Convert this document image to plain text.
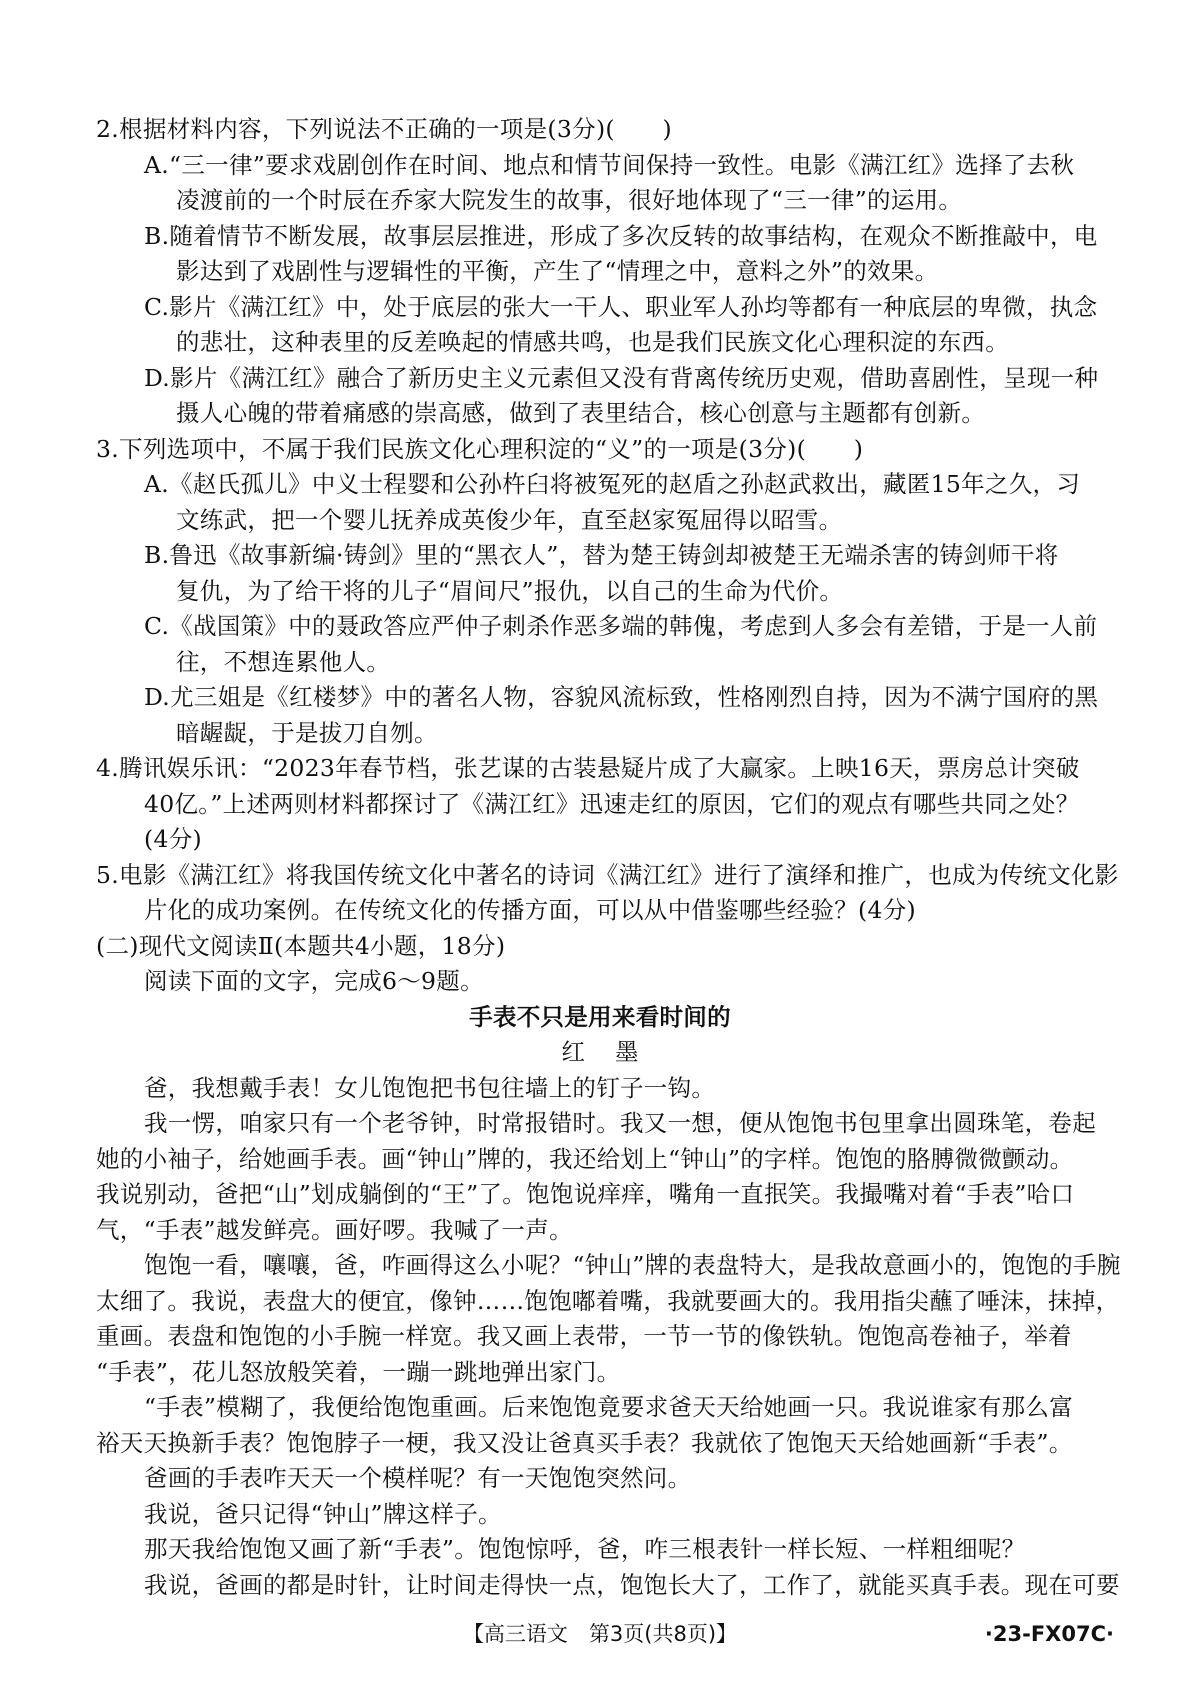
2.根据材料内容，下列说法不正确的一项是(3分)(　　)
A.“三一律”要求戏剧创作在时间、地点和情节间保持一致性。电影《满江红》选择了去秋
凌渡前的一个时辰在乔家大院发生的故事，很好地体现了“三一律”的运用。
B.随着情节不断发展，故事层层推进，形成了多次反转的故事结构，在观众不断推敲中，电
影达到了戏剧性与逻辑性的平衡，产生了“情理之中，意料之外”的效果。
C.影片《满江红》中，处于底层的张大一干人、职业军人孙均等都有一种底层的卑微，执念
的悲壮，这种表里的反差唤起的情感共鸣，也是我们民族文化心理积淀的东西。
D.影片《满江红》融合了新历史主义元素但又没有背离传统历史观，借助喜剧性，呈现一种
摄人心魄的带着痛感的崇高感，做到了表里结合，核心创意与主题都有创新。
3.下列选项中，不属于我们民族文化心理积淀的“义”的一项是(3分)(　　)
A.《赵氏孤儿》中义士程婴和公孙杵臼将被冤死的赵盾之孙赵武救出，藏匿15年之久，习
文练武，把一个婴儿抚养成英俊少年，直至赵家冤屈得以昭雪。
B.鲁迅《故事新编·铸剑》里的“黑衣人”，替为楚王铸剑却被楚王无端杀害的铸剑师干将
复仇，为了给干将的儿子“眉间尺”报仇，以自己的生命为代价。
C.《战国策》中的聂政答应严仲子刺杀作恶多端的韩傀，考虑到人多会有差错，于是一人前
往，不想连累他人。
D.尤三姐是《红楼梦》中的著名人物，容貌风流标致，性格刚烈自持，因为不满宁国府的黑
暗龌龊，于是拔刀自刎。
4.腾讯娱乐讯：“2023年春节档，张艺谋的古装悬疑片成了大赢家。上映16天，票房总计突破
40亿。”上述两则材料都探讨了《满江红》迅速走红的原因，它们的观点有哪些共同之处？
(4分)
5.电影《满江红》将我国传统文化中著名的诗词《满江红》进行了演绎和推广，也成为传统文化影
片化的成功案例。在传统文化的传播方面，可以从中借鉴哪些经验？(4分)
(二)现代文阅读Ⅱ(本题共4小题，18分)
阅读下面的文字，完成6～9题。
手表不只是用来看时间的
红墨
爸，我想戴手表！女儿饱饱把书包往墙上的钉子一钩。
我一愣，咱家只有一个老爷钟，时常报错时。我又一想，便从饱饱书包里拿出圆珠笔，卷起
她的小袖子，给她画手表。画“钟山”牌的，我还给划上“钟山”的字样。饱饱的胳膊微微颤动。
我说别动，爸把“山”划成躺倒的“王”了。饱饱说痒痒，嘴角一直抿笑。我撮嘴对着“手表”哈口
气，“手表”越发鲜亮。画好啰。我喊了一声。
饱饱一看，嚷嚷，爸，咋画得这么小呢？“钟山”牌的表盘特大，是我故意画小的，饱饱的手腕
太细了。我说，表盘大的便宜，像钟……饱饱嘟着嘴，我就要画大的。我用指尖蘸了唾沫，抹掉，
重画。表盘和饱饱的小手腕一样宽。我又画上表带，一节一节的像铁轨。饱饱高卷袖子，举着
“手表”，花儿怒放般笑着，一蹦一跳地弹出家门。
“手表”模糊了，我便给饱饱重画。后来饱饱竟要求爸天天给她画一只。我说谁家有那么富
裕天天换新手表？饱饱脖子一梗，我又没让爸真买手表？我就依了饱饱天天给她画新“手表”。
爸画的手表咋天天一个模样呢？有一天饱饱突然问。
我说，爸只记得“钟山”牌这样子。
那天我给饱饱又画了新“手表”。饱饱惊呼，爸，咋三根表针一样长短、一样粗细呢？
我说，爸画的都是时针，让时间走得快一点，饱饱长大了，工作了，就能买真手表。现在可要
【高三语文　第3页(共8页)】	·23-FX07C·
